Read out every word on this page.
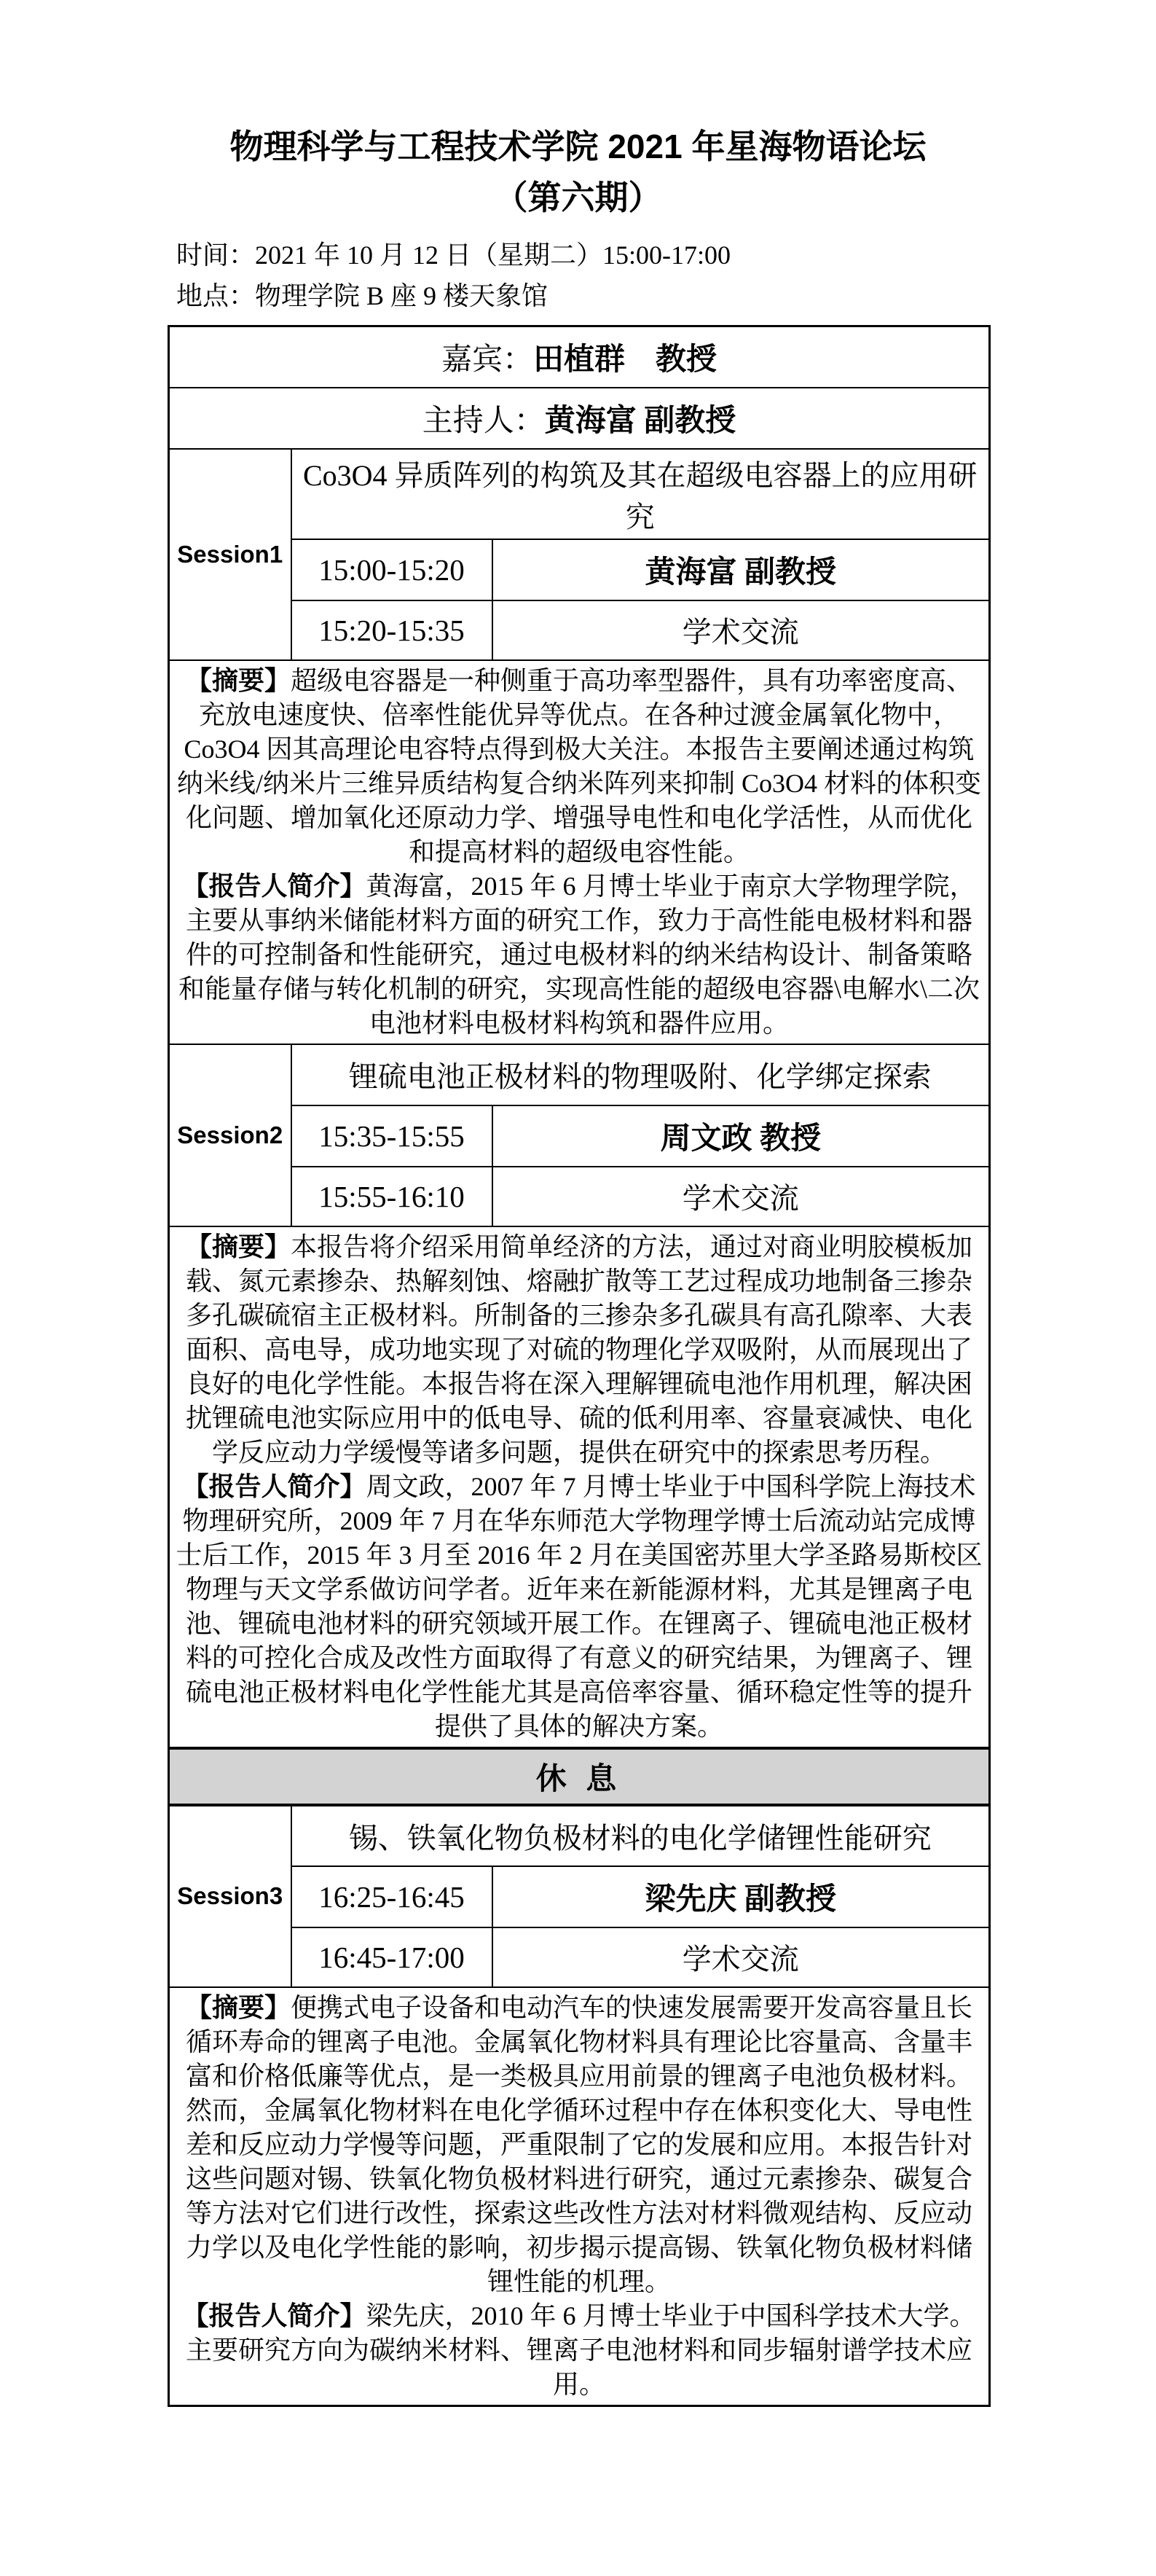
物理科学与工程技术学院 2021 年星海物语论坛
（第六期）
时间：2021 年 10 月 12 日（星期二）15:00-17:00
地点：物理学院 B 座 9 楼天象馆
嘉宾：田植群　教授		
主持人：黄海富 副教授		
Session1	Co3O4 异质阵列的构筑及其在超级电容器上的应用研究	
	15:00-15:20	黄海富 副教授
	15:20-15:35	学术交流

【摘要】超级电容器是一种侧重于高功率型器件，具有功率密度高、充放电速度快、倍率性能优异等优点。在各种过渡金属氧化物中，Co3O4 因其高理论电容特点得到极大关注。本报告主要阐述通过构筑纳米线/纳米片三维异质结构复合纳米阵列来抑制 Co3O4 材料的体积变化问题、增加氧化还原动力学、增强导电性和电化学活性，从而优化和提高材料的超级电容性能。

【报告人简介】黄海富，2015 年 6 月博士毕业于南京大学物理学院，主要从事纳米储能材料方面的研究工作，致力于高性能电极材料和器件的可控制备和性能研究，通过电极材料的纳米结构设计、制备策略和能量存储与转化机制的研究，实现高性能的超级电容器\电解水\二次电池材料电极材料构筑和器件应用。		

Session2	锂硫电池正极材料的物理吸附、化学绑定探索	
	15:35-15:55	周文政 教授
	15:55-16:10	学术交流

【摘要】本报告将介绍采用简单经济的方法，通过对商业明胶模板加载、氮元素掺杂、热解刻蚀、熔融扩散等工艺过程成功地制备三掺杂多孔碳硫宿主正极材料。所制备的三掺杂多孔碳具有高孔隙率、大表面积、高电导，成功地实现了对硫的物理化学双吸附，从而展现出了良好的电化学性能。本报告将在深入理解锂硫电池作用机理，解决困扰锂硫电池实际应用中的低电导、硫的低利用率、容量衰减快、电化学反应动力学缓慢等诸多问题，提供在研究中的探索思考历程。

【报告人简介】周文政，2007 年 7 月博士毕业于中国科学院上海技术物理研究所，2009 年 7 月在华东师范大学物理学博士后流动站完成博士后工作，2015 年 3 月至 2016 年 2 月在美国密苏里大学圣路易斯校区物理与天文学系做访问学者。近年来在新能源材料，尤其是锂离子电池、锂硫电池材料的研究领域开展工作。在锂离子、锂硫电池正极材料的可控化合成及改性方面取得了有意义的研究结果，为锂离子、锂硫电池正极材料电化学性能尤其是高倍率容量、循环稳定性等的提升提供了具体的解决方案。		

休 息		
Session3	锡、铁氧化物负极材料的电化学储锂性能研究	
	16:25-16:45	梁先庆 副教授
	16:45-17:00	学术交流

【摘要】便携式电子设备和电动汽车的快速发展需要开发高容量且长循环寿命的锂离子电池。金属氧化物材料具有理论比容量高、含量丰富和价格低廉等优点，是一类极具应用前景的锂离子电池负极材料。然而，金属氧化物材料在电化学循环过程中存在体积变化大、导电性差和反应动力学慢等问题，严重限制了它的发展和应用。本报告针对这些问题对锡、铁氧化物负极材料进行研究，通过元素掺杂、碳复合等方法对它们进行改性，探索这些改性方法对材料微观结构、反应动力学以及电化学性能的影响，初步揭示提高锡、铁氧化物负极材料储锂性能的机理。

【报告人简介】梁先庆，2010 年 6 月博士毕业于中国科学技术大学。主要研究方向为碳纳米材料、锂离子电池材料和同步辐射谱学技术应用。		
